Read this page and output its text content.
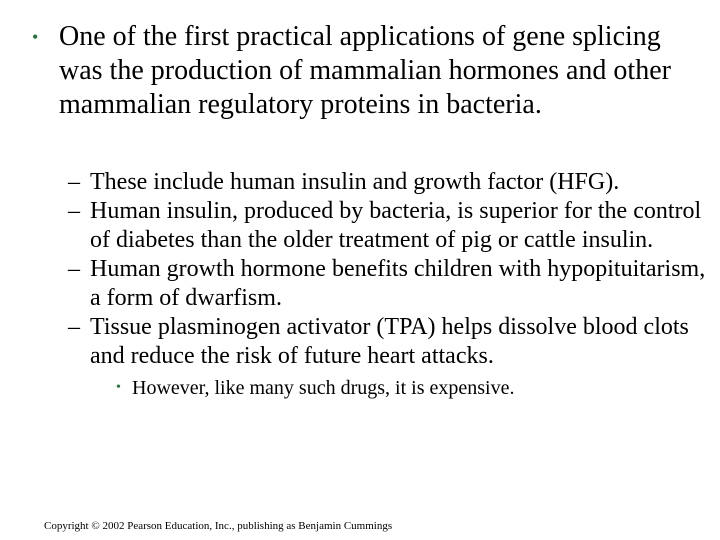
• One of the first practical applications of gene splicing was the production of mammalian hormones and other mammalian regulatory proteins in bacteria.
– These include human insulin and growth factor (HFG).
– Human insulin, produced by bacteria, is superior for the control of diabetes than the older treatment of pig or cattle insulin.
– Human growth hormone benefits children with hypopituitarism, a form of dwarfism.
– Tissue plasminogen activator (TPA) helps dissolve blood clots and reduce the risk of future heart attacks.
• However, like many such drugs, it is expensive.
Copyright © 2002 Pearson Education, Inc., publishing as Benjamin Cummings
